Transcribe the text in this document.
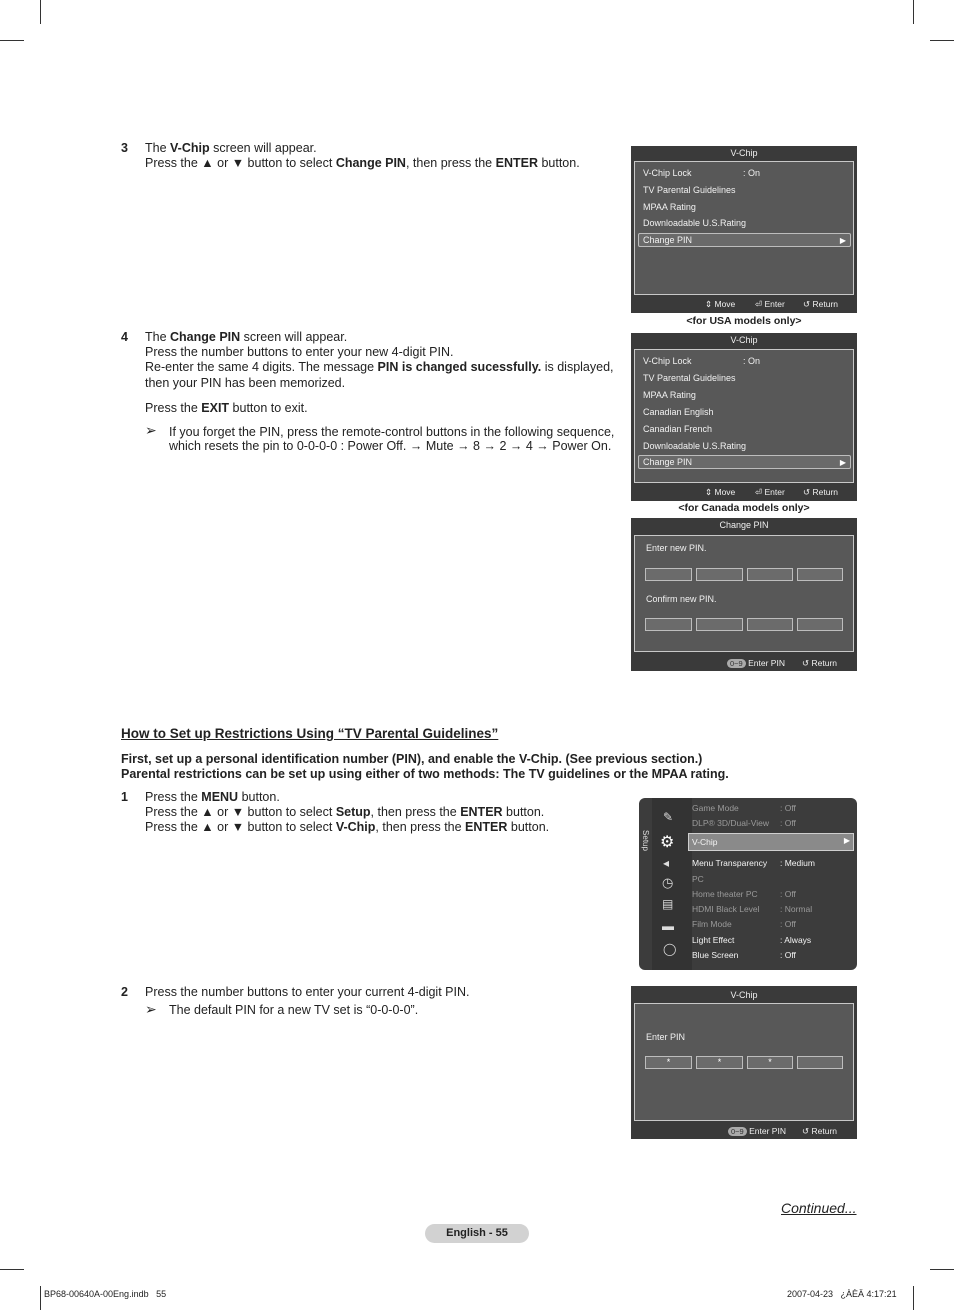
3 The V-Chip screen will appear.
Press the ▲ or ▼ button to select Change PIN, then press the ENTER button.
V-Chip
V-Chip Lock	: On
TV Parental Guidelines
MPAA Rating
Downloadable U.S.Rating
Change PIN	▶
⇕ Move ⏎ Enter ↺ Return
<for USA models only>
4 The Change PIN screen will appear.
Press the number buttons to enter your new 4-digit PIN.
Re-enter the same 4 digits. The message PIN is changed sucessfully. is displayed,
then your PIN has been memorized.
Press the EXIT button to exit.
➢ If you forget the PIN, press the remote-control buttons in the following sequence,
which resets the pin to 0-0-0-0 : Power Off. → Mute → 8 → 2 → 4 → Power On.
V-Chip
V-Chip Lock	: On
TV Parental Guidelines
MPAA Rating
Canadian English
Canadian French
Downloadable U.S.Rating
Change PIN	▶
⇕ Move ⏎ Enter ↺ Return
<for Canada models only>
Change PIN
Enter new PIN.
Confirm new PIN.
0~9 Enter PIN ↺ Return
How to Set up Restrictions Using “TV Parental Guidelines”
First, set up a personal identification number (PIN), and enable the V-Chip. (See previous section.)
Parental restrictions can be set up using either of two methods: The TV guidelines or the MPAA rating.
1 Press the MENU button.
Press the ▲ or ▼ button to select Setup, then press the ENTER button.
Press the ▲ or ▼ button to select V-Chip, then press the ENTER button.
Setup
✎
⚙
◂
◷
▤
▬
◯
Game Mode	: Off
DLP® 3D/Dual-View : Off
V-Chip	▶
Menu Transparency : Medium
PC
Home theater PC	: Off
HDMI Black Level : Normal
Film Mode	: Off
Light Effect	: Always
Blue Screen	: Off
2 Press the number buttons to enter your current 4-digit PIN.
➢ The default PIN for a new TV set is “0-0-0-0”.
V-Chip
Enter PIN
*	*	*
0~9 Enter PIN ↺ Return
Continued...
English - 55
BP68-00640A-00Eng.indb   55	2007-04-23   ¿ÀÈÄ 4:17:21
